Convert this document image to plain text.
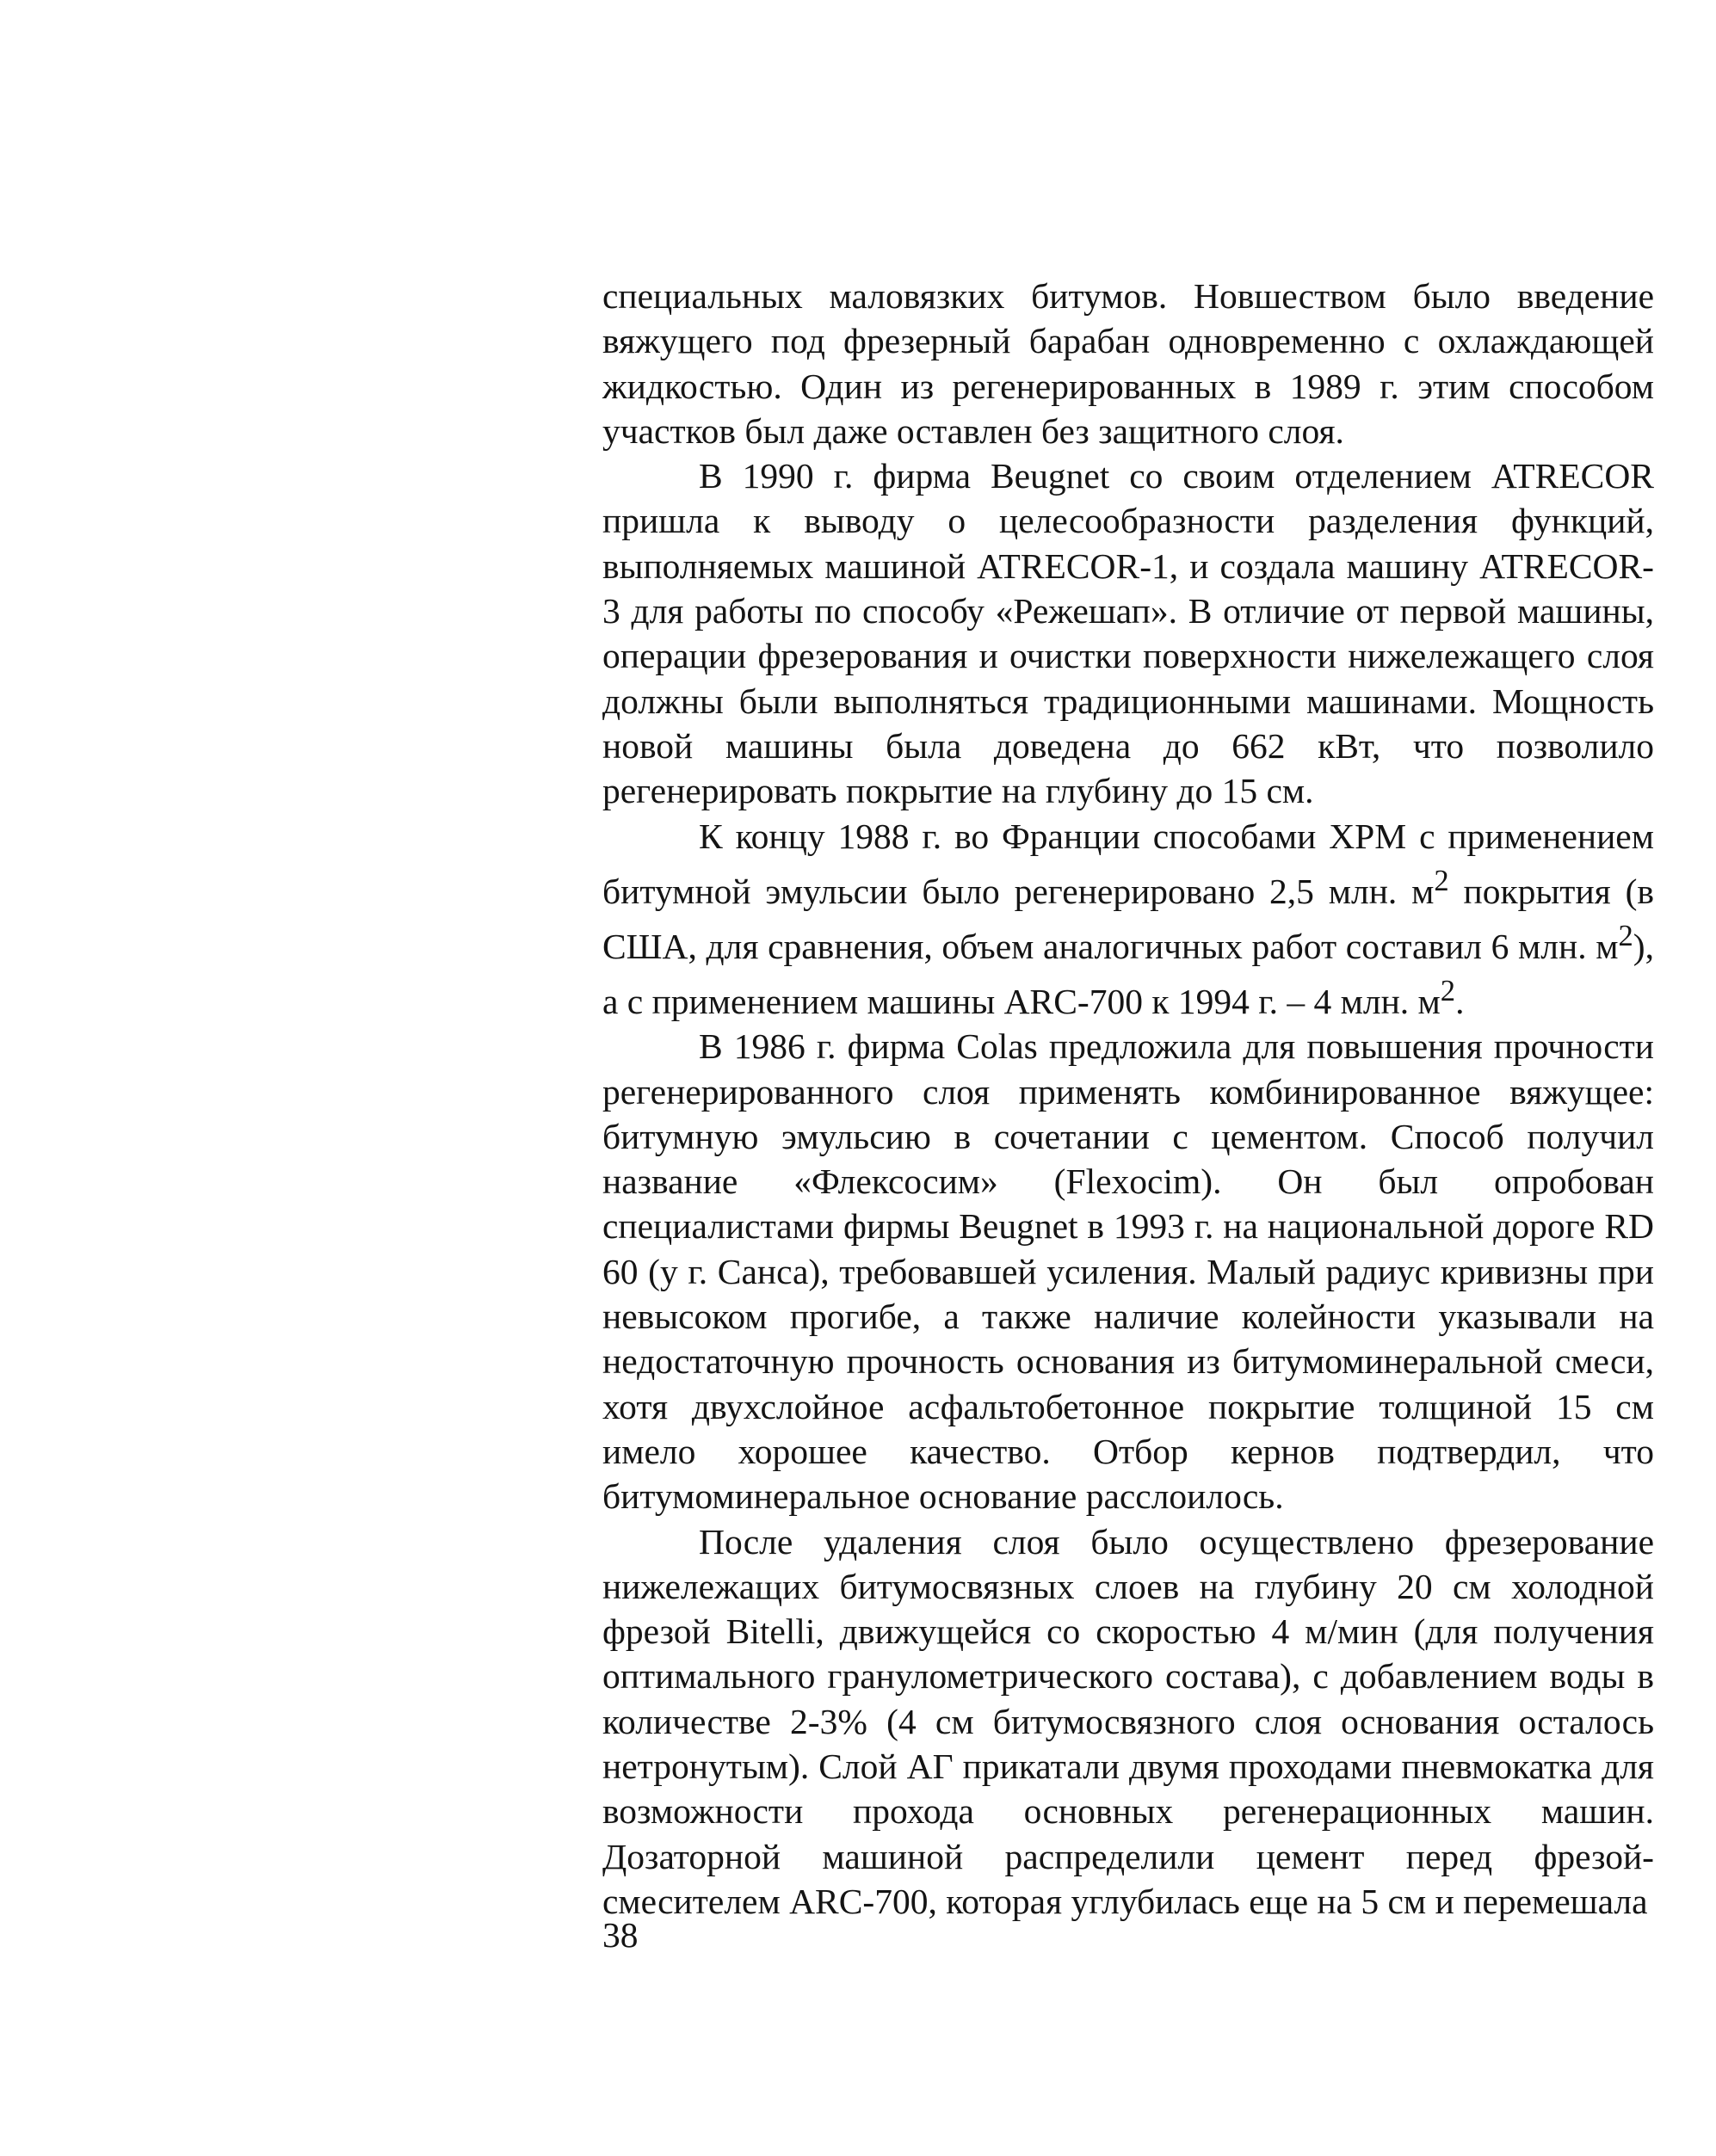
специальных маловязких битумов. Новшеством было введение вяжущего под фрезерный барабан одновременно с охлаждающей жидкостью. Один из регенерированных в 1989 г. этим способом участков был даже оставлен без защитного слоя.

В 1990 г. фирма Beugnet со своим отделением ATRECOR пришла к выводу о целесообразности разделения функций, выполняемых машиной ATRECOR-1, и создала машину ATRECOR-3 для работы по способу «Режешап». В отличие от первой машины, операции фрезерования и очистки поверхности нижележащего слоя должны были выполняться традиционными машинами. Мощность новой машины была доведена до 662 кВт, что позволило регенерировать покрытие на глубину до 15 см.

К концу 1988 г. во Франции способами ХРМ с применением битумной эмульсии было регенерировано 2,5 млн. $м^2$ покрытия (в США, для сравнения, объем аналогичных работ составил 6 млн. $м^2$), а с применением машины ARC-700 к 1994 г. – 4 млн. $м^2$.

В 1986 г. фирма Colas предложила для повышения прочности регенерированного слоя применять комбинированное вяжущее: битумную эмульсию в сочетании с цементом. Способ получил название «Флексосим» (Flexocim). Он был опробован специалистами фирмы Beugnet в 1993 г. на национальной дороге RD 60 (у г. Санса), требовавшей усиления. Малый радиус кривизны при невысоком прогибе, а также наличие колейности указывали на недостаточную прочность основания из битумоминеральной смеси, хотя двухслойное асфальтобетонное покрытие толщиной 15 см имело хорошее качество. Отбор кернов подтвердил, что битумоминеральное основание расслоилось.

После удаления слоя было осуществлено фрезерование нижележащих битумосвязных слоев на глубину 20 см холодной фрезой Bitelli, движущейся со скоростью 4 м/мин (для получения оптимального гранулометрического состава), с добавлением воды в количестве 2-3% (4 см битумосвязного слоя основания осталось нетронутым). Слой АГ прикатали двумя проходами пневмокатка для возможности прохода основных регенерационных машин. Дозаторной машиной распределили цемент перед фрезой-смесителем ARC-700, которая углубилась еще на 5 см и перемешала

38
